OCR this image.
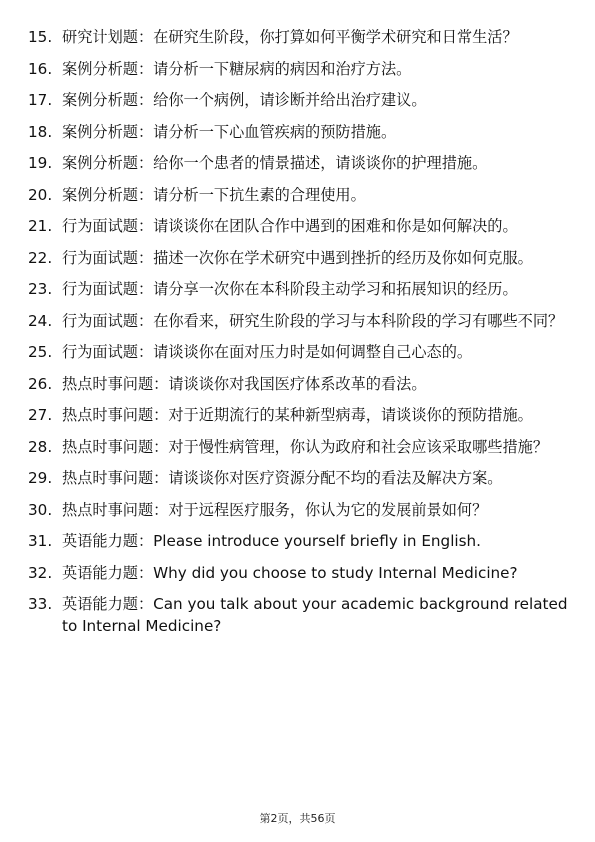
15. 研究计划题：在研究生阶段，你打算如何平衡学术研究和日常生活？
16. 案例分析题：请分析一下糖尿病的病因和治疗方法。
17. 案例分析题：给你一个病例，请诊断并给出治疗建议。
18. 案例分析题：请分析一下心血管疾病的预防措施。
19. 案例分析题：给你一个患者的情景描述，请谈谈你的护理措施。
20. 案例分析题：请分析一下抗生素的合理使用。
21. 行为面试题：请谈谈你在团队合作中遇到的困难和你是如何解决的。
22. 行为面试题：描述一次你在学术研究中遇到挫折的经历及你如何克服。
23. 行为面试题：请分享一次你在本科阶段主动学习和拓展知识的经历。
24. 行为面试题：在你看来，研究生阶段的学习与本科阶段的学习有哪些不同？
25. 行为面试题：请谈谈你在面对压力时是如何调整自己心态的。
26. 热点时事问题：请谈谈你对我国医疗体系改革的看法。
27. 热点时事问题：对于近期流行的某种新型病毒，请谈谈你的预防措施。
28. 热点时事问题：对于慢性病管理，你认为政府和社会应该采取哪些措施？
29. 热点时事问题：请谈谈你对医疗资源分配不均的看法及解决方案。
30. 热点时事问题：对于远程医疗服务，你认为它的发展前景如何？
31. 英语能力题：Please introduce yourself briefly in English.
32. 英语能力题：Why did you choose to study Internal Medicine?
33. 英语能力题：Can you talk about your academic background related to Internal Medicine?
第2页，共56页
